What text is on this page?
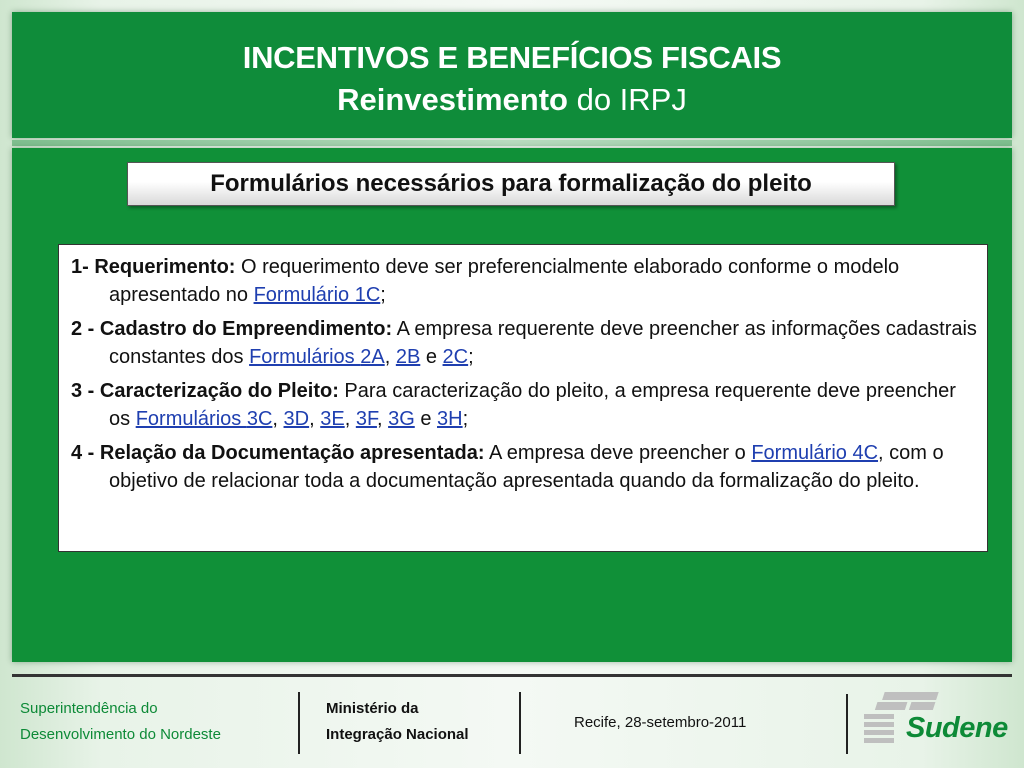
INCENTIVOS E BENEFÍCIOS FISCAIS
Reinvestimento do IRPJ
Formulários necessários para formalização do pleito
1- Requerimento: O requerimento deve ser preferencialmente elaborado conforme o modelo apresentado no Formulário 1C;
2 - Cadastro do Empreendimento: A empresa requerente deve preencher as informações cadastrais constantes dos Formulários 2A, 2B e 2C;
3 - Caracterização do Pleito: Para caracterização do pleito, a empresa requerente deve preencher os Formulários 3C, 3D, 3E, 3F, 3G e 3H;
4 - Relação da Documentação apresentada: A empresa deve preencher o Formulário 4C, com o objetivo de relacionar toda a documentação apresentada quando da formalização do pleito.
Superintendência do
Desenvolvimento do Nordeste
Ministério da
Integração Nacional
Recife, 28-setembro-2011	Sudene
